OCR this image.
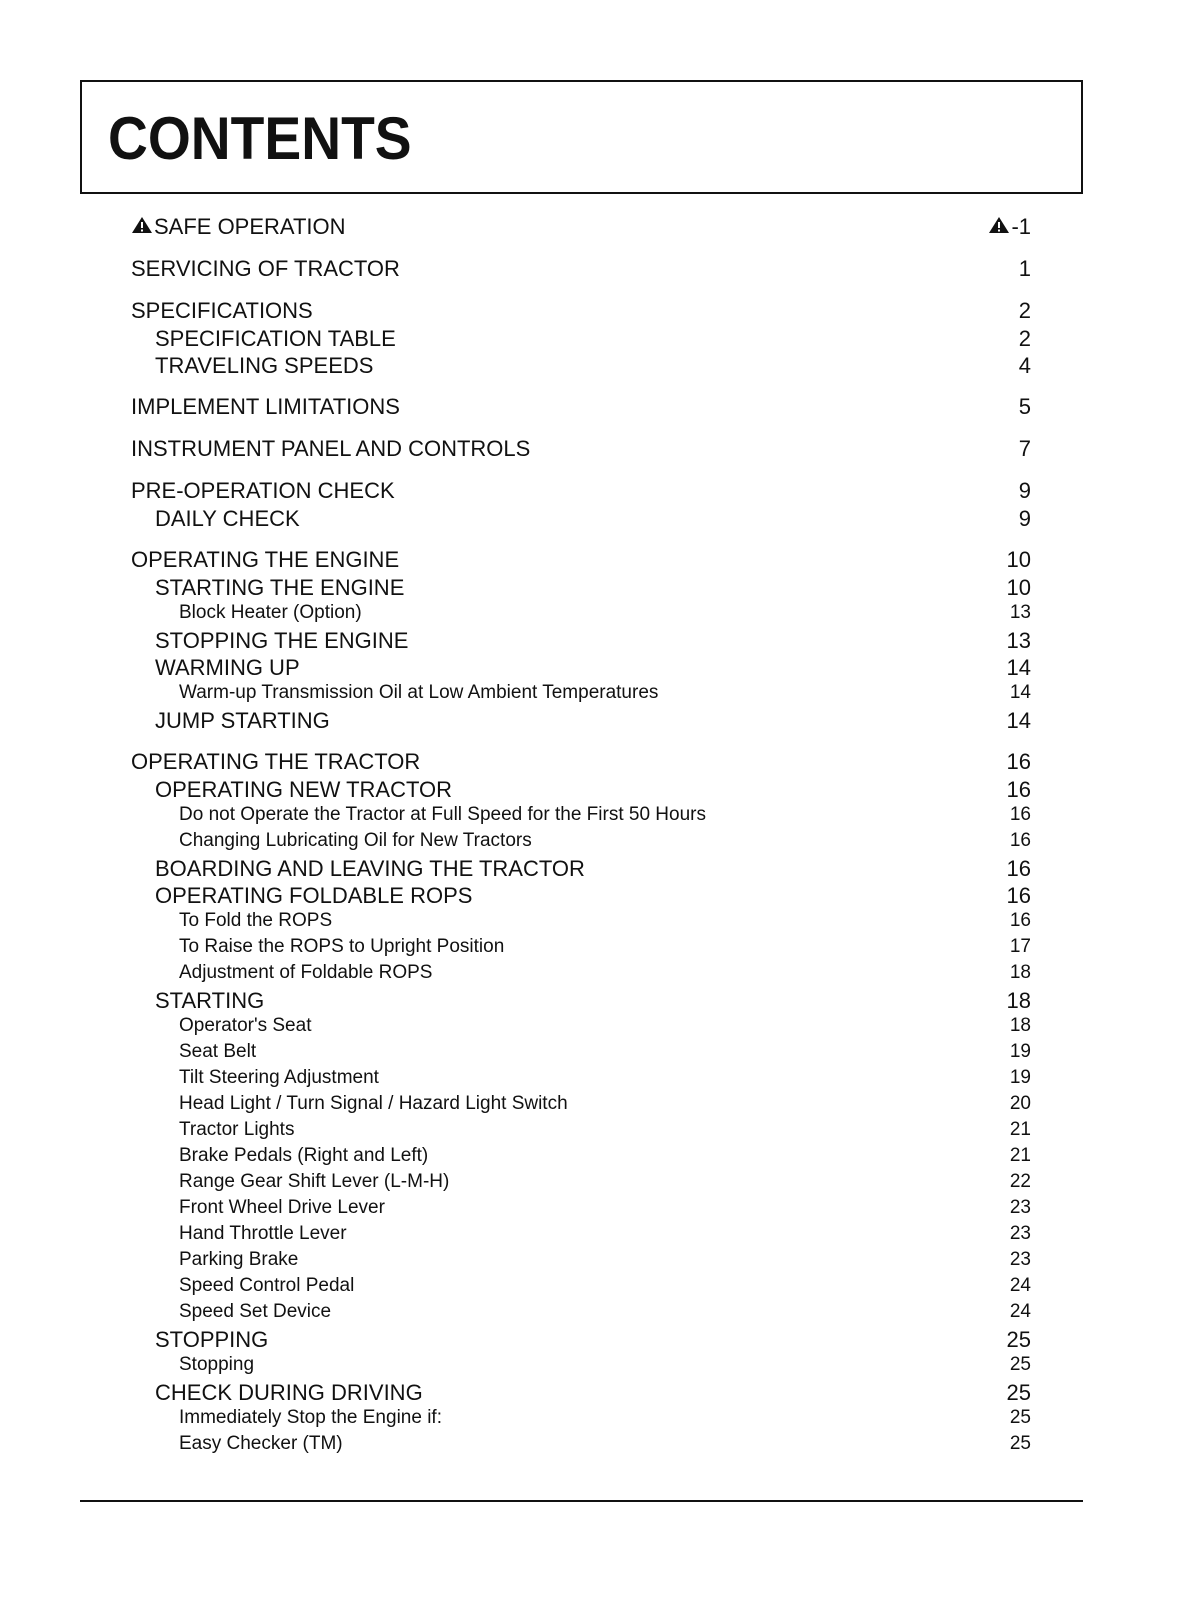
CONTENTS
SAFE OPERATION	-1
SERVICING OF TRACTOR	1
SPECIFICATIONS	2
SPECIFICATION TABLE	2
TRAVELING SPEEDS	4
IMPLEMENT LIMITATIONS	5
INSTRUMENT PANEL AND CONTROLS	7
PRE-OPERATION CHECK	9
DAILY CHECK	9
OPERATING THE ENGINE	10
STARTING THE ENGINE	10
Block Heater (Option)	13
STOPPING THE ENGINE	13
WARMING UP	14
Warm-up Transmission Oil at Low Ambient Temperatures	14
JUMP STARTING	14
OPERATING THE TRACTOR	16
OPERATING NEW TRACTOR	16
Do not Operate the Tractor at Full Speed for the First 50 Hours	16
Changing Lubricating Oil for New Tractors	16
BOARDING AND LEAVING THE TRACTOR	16
OPERATING FOLDABLE ROPS	16
To Fold the ROPS	16
To Raise the ROPS to Upright Position	17
Adjustment of Foldable ROPS	18
STARTING	18
Operator's Seat	18
Seat Belt	19
Tilt Steering Adjustment	19
Head Light / Turn Signal / Hazard Light Switch	20
Tractor Lights	21
Brake Pedals (Right and Left)	21
Range Gear Shift Lever (L-M-H)	22
Front Wheel Drive Lever	23
Hand Throttle Lever	23
Parking Brake	23
Speed Control Pedal	24
Speed Set Device	24
STOPPING	25
Stopping	25
CHECK DURING DRIVING	25
Immediately Stop the Engine if:	25
Easy Checker (TM)	25
